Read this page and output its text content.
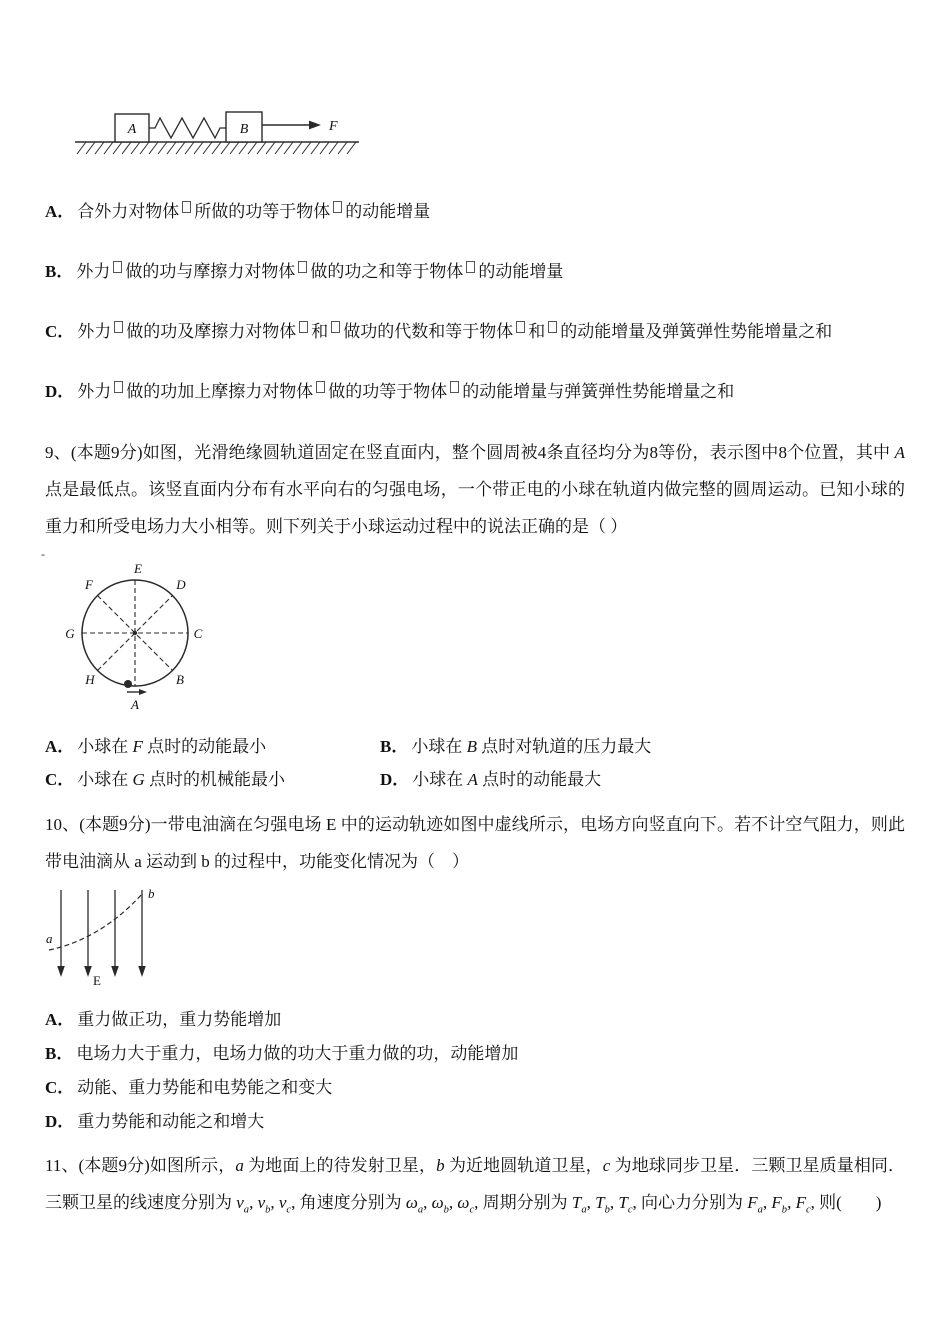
A	B	F

A． 合外力对物体 所做的功等于物体 的动能增量

B． 外力 做的功与摩擦力对物体 做的功之和等于物体 的动能增量

C． 外力 做的功及摩擦力对物体 和 做功的代数和等于物体 和 的动能增量及弹簧弹性势能增量之和

D． 外力 做的功加上摩擦力对物体 做的功等于物体 的动能增量与弹簧弹性势能增量之和

9、(本题9分)如图，光滑绝缘圆轨道固定在竖直面内，整个圆周被4条直径均分为8等份，表示图中8个位置，其中 A 点是最低点。该竖直面内分布有水平向右的匀强电场，一个带正电的小球在轨道内做完整的圆周运动。已知小球的重力和所受电场力大小相等。则下列关于小球运动过程中的说法正确的是（ ）

‐
E
F	D
G	C
H	B
A

A． 小球在 F 点时的动能最小	B． 小球在 B 点时对轨道的压力最大

C． 小球在 G 点时的机械能最小	D． 小球在 A 点时的动能最大

10、(本题9分)一带电油滴在匀强电场 E 中的运动轨迹如图中虚线所示，电场方向竖直向下。若不计空气阻力，则此带电油滴从 a 运动到 b 的过程中，功能变化情况为（　）

a
b
E

A． 重力做正功，重力势能增加

B． 电场力大于重力，电场力做的功大于重力做的功，动能增加

C． 动能、重力势能和电势能之和变大

D． 重力势能和动能之和增大

11、(本题9分)如图所示，a 为地面上的待发射卫星，b 为近地圆轨道卫星，c 为地球同步卫星．三颗卫星质量相同．三颗卫星的线速度分别为 $v_a$, $v_b$, $v_c$, 角速度分别为 $\omega_a$, $\omega_b$, $\omega_c$, 周期分别为 $T_a$, $T_b$, $T_c$, 向心力分别为 $F_a$, $F_b$, $F_c$, 则(　　)
